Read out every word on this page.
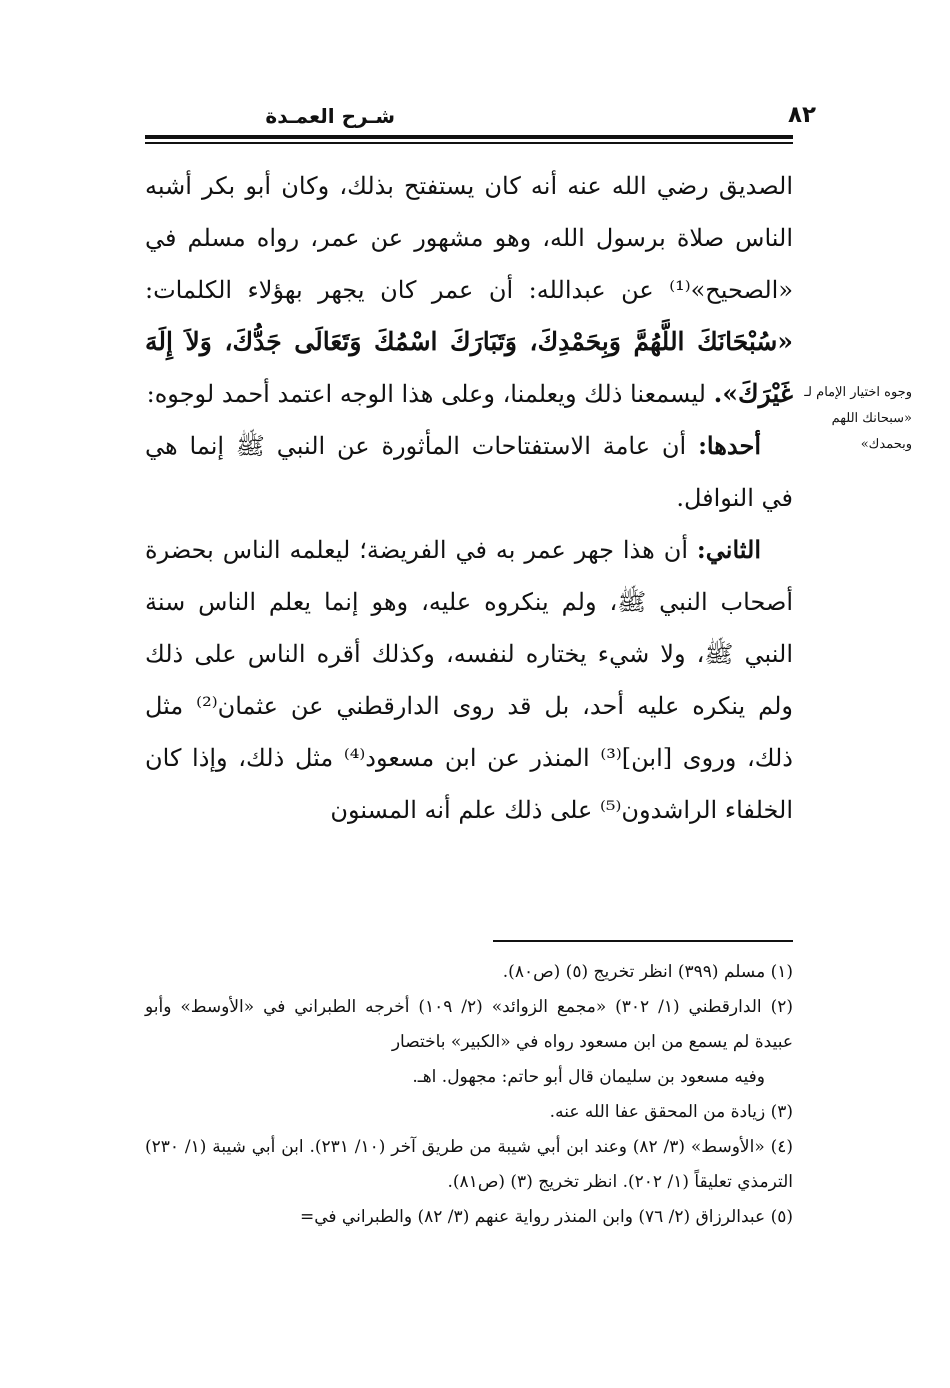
٨٢
شـرح العمـدة
وجوه اختيار الإمام لـ «سبحانك اللهم وبحمدك»

الصديق رضي الله عنه أنه كان يستفتح بذلك، وكان أبو بكر أشبه الناس صلاة برسول الله، وهو مشهور عن عمر، رواه مسلم في «الصحيح»⁽¹⁾ عن عبدالله: أن عمر كان يجهر بهؤلاء الكلمات: «سُبْحَانَكَ اللَّهُمَّ وَبِحَمْدِكَ، وَتَبَارَكَ اسْمُكَ وَتَعَالَى جَدُّكَ، وَلاَ إِلَهَ غَيْرَكَ». ليسمعنا ذلك ويعلمنا، وعلى هذا الوجه اعتمد أحمد لوجوه:

أحدها: أن عامة الاستفتاحات المأثورة عن النبي ﷺ إنما هي في النوافل.

الثاني: أن هذا جهر عمر به في الفريضة؛ ليعلمه الناس بحضرة أصحاب النبي ﷺ، ولم ينكروه عليه، وهو إنما يعلم الناس سنة النبي ﷺ، ولا شيء يختاره لنفسه، وكذلك أقره الناس على ذلك ولم ينكره عليه أحد، بل قد روى الدارقطني عن عثمان⁽²⁾ مثل ذلك، وروى [ابن]⁽³⁾ المنذر عن ابن مسعود⁽⁴⁾ مثل ذلك، وإذا كان الخلفاء الراشدون⁽⁵⁾ على ذلك علم أنه المسنون

(١) مسلم (٣٩٩) انظر تخريج (٥) (ص٨٠).

(٢) الدارقطني (١/ ٣٠٢) «مجمع الزوائد» (٢/ ١٠٩) أخرجه الطبراني في «الأوسط» وأبو عبيدة لم يسمع من ابن مسعود رواه في «الكبير» باختصار

وفيه مسعود بن سليمان قال أبو حاتم: مجهول. اهـ.

(٣) زيادة من المحقق عفا الله عنه.

(٤) «الأوسط» (٣/ ٨٢) وعند ابن أبي شيبة من طريق آخر (١٠/ ٢٣١). ابن أبي شيبة (١/ ٢٣٠) الترمذي تعليقاً (١/ ٢٠٢). انظر تخريج (٣) (ص٨١).

(٥) عبدالرزاق (٢/ ٧٦) وابن المنذر رواية عنهم (٣/ ٨٢) والطبراني في=
